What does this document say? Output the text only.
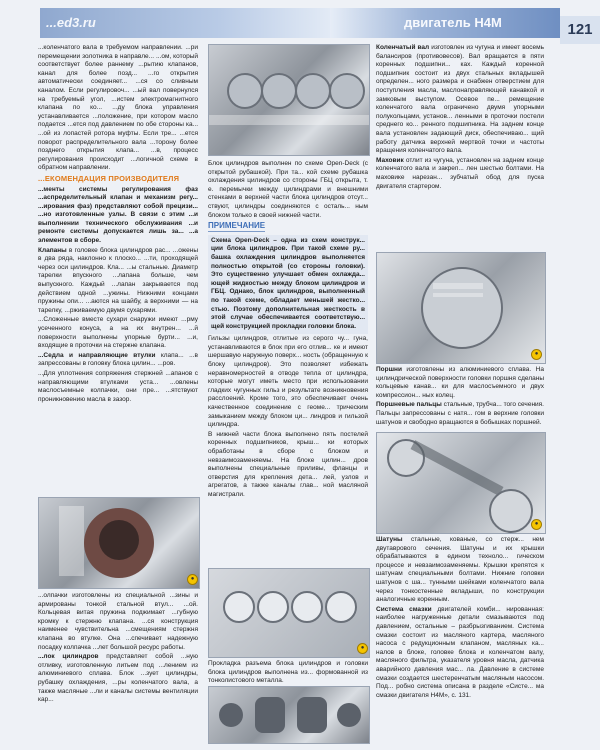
...ed3.ru	двигатель H4M	121

...коленчатого вала в требуемом направлении. ...ри перемещении золотника в направле... ...ом, который соответствует более раннему ...рытию клапанов, канал для более позд... ...го открытия автоматически соединяет... ...ся со сливным каналом. Если регулировоч... ...ый вал повернулся на требуемый угол, ...истем электромагнитного клапана по ко... ...ду блока управления устанавливается ...положение, при котором масло подается ...ется под давлением по обе стороны ка... ...ой из лопастей ротора муфты. Если тре... ...ется поворот распределительного вала ...торону более позднего открытия клапа... ...в, процесс регулирования происходит ...логичной схеме в обратном направлении.

...ЕКОМЕНДАЦИЯ ПРОИЗВОДИТЕЛЯ

...менты системы регулирования фаз ...аспределительный клапан и механизм регу... ...ирования фаз) представляют собой прецизи... ...но изготовленные узлы. В связи с этим ...и выполнении технического обслуживания ...и ремонте системы допускается лишь за... ...а элементов в сборе.

Клапаны в головке блока цилиндров рас... ...ожены в два ряда, наклонно к плоско... ...ти, проходящей через оси цилиндров. Кла... ...ы стальные. Диаметр тарелки впускного ...лапана больше, чем выпускного. Каждый ...лапан закрывается под действием одной ...ужины. Нижними концами пружины опи... ...аются на шайбу, а верхними — на тарелку, ...рживаемую двумя сухарями.

...Сложенные вместе сухари снаружи имеют ...рму усеченного конуса, а на их внутрен... ...й поверхности выполнены упорные бурти... ...и, входящие в проточки на стержне клапана.

...Седла и направляющие втулки клапа... ...в запрессованы в головку блока цилин... ...ров.

...Для уплотнения сопряжения стержней ...апанов с направляющими втулками уста... ...овлены маслосъемные колпачки, они пре... ...ятствуют проникновению масла в зазор.

●

...олпачки изготовлены из специальной ...зины и армированы тонкой стальной втул... ...ой. Кольцевая витая пружина поджимает ...губную кромку к стержню клапана. ...ся конструкция наименее чувствительна ...смещениям стержня клапана во втулке. Она ...спечивает надежную посадку колпачка ...лет большой ресурс работы.

...лок цилиндров представляет собой ...ную отливку, изготовленную литьем под ...лением из алюминиевого сплава. Блок ...зует цилиндры, рубашку охлаждения, ...ры коленчатого вала, а также масляные ...ли и каналы системы вентиляции кар...

Блок цилиндров выполнен по схеме Open-Deck (с открытой рубашкой). При та... кой схеме рубашка охлаждения цилиндров со стороны ГБЦ открыта, т. е. перемычки между цилиндрами и внешними стенками в верхней части блока цилиндров отсут... ствуют, цилиндры соединяются с осталь... ным блоком только в своей нижней части.

ПРИМЕЧАНИЕ

Схема Open-Deck – одна из схем конструк... ции блока цилиндров. При такой схеме ру... башка охлаждения цилиндров выполняется полностью открытой (со стороны головки). Это существенно улучшает обмен охлажда... ющей жидкостью между блоком цилиндров и ГБЦ. Однако, блок цилиндров, выполненный по такой схеме, обладает меньшей жестко... стью. Поэтому дополнительная жесткость в этой случае обеспечивается соответствую... щей конструкцией прокладки головки блока.

Гильзы цилиндров, отлитые из серого чу... гуна, устанавливаются в блок при его отлив... ке и имеют шершавую наружную поверх... ность (обращенную к блоку цилиндров). Это позволяет избежать неравномерностей в отводе тепла от цилиндра, которые могут иметь место при использовании гладких чугунных гильз и результате возникновения расслоений. Кроме того, это обеспечивает очень качественное соединение с геоме... трическим замыканием между блоком ци... линдров и гильзой цилиндра.

В нижней части блока выполнено пять постелей коренных подшипников, крыш... ки которых обработаны в сборе с блоком и невзаимозаменяемы. На блоке цилин... дров выполнены специальные приливы, фланцы и отверстия для крепления дета... лей, узлов и агрегатов, а также каналы глав... ной масляной магистрали.

●

Прокладка разъема блока цилиндров и головки блока цилиндров выполнена из... формованной из тонколистового металла.

Коленчатый вал изготовлен из чугуна и имеет восемь балансиров (противовесов). Вал вращается в пяти коренных подшипни... ках. Каждый коренной подшипник состоит из двух стальных вкладышей определен... ного размера и снабжен отверстием для поступления масла, маслонаправляющей канавкой и замковым выступом. Осевое пе... ремещение коленчатого вала ограничено двумя упорными полукольцами, установ... ленными в проточки постели среднего ко... ренного подшипника. На заднем конце вала установлен задающий диск, обеспечиваю... щий работу датчика верхней мертвой точки и частоты вращения коленчатого вала.

Маховик отлит из чугуна, установлен на заднем конце коленчатого вала и закреп... лен шестью болтами. На маховике нарезан... зубчатый обод для пуска двигателя стартером.

●

Поршни изготовлены из алюминиевого сплава. На цилиндрической поверхности головки поршня сделаны кольцевые канав... ки для маслосъемного и двух компрессион... ных колец.

Поршневые пальцы стальные, трубча... того сечения. Пальцы запрессованы с натя... гом в верхние головки шатунов и свободно вращаются в бобышках поршней.

●

Шатуны стальные, кованые, со стерж... нем двутаврового сечения. Шатуны и их крышки обрабатываются в едином техноло... гическом процессе и невзаимозаменяемы. Крышки крепятся к шатунам специальными болтами. Нижние головки шатунов с ша... тунными шейками коленчатого вала через тонкостенные вкладыши, по конструкции аналогичные коренным.

Система смазки двигателей комби... нированная: наиболее нагруженные детали смазываются под давлением, остальные – разбрызгиванием. Система смазки состоит из масляного картера, масляного насоса с редукционным клапаном, масляных ка... налов в блоке, головке блока и коленчатом валу, масляного фильтра, указателя уровня масла, датчика аварийного давления мас... ла. Давление в системе смазки создается шестеренчатым масляным насосом. Под... робно система описана в разделе «Систе... ма смазки двигателя H4M», с. 131.
